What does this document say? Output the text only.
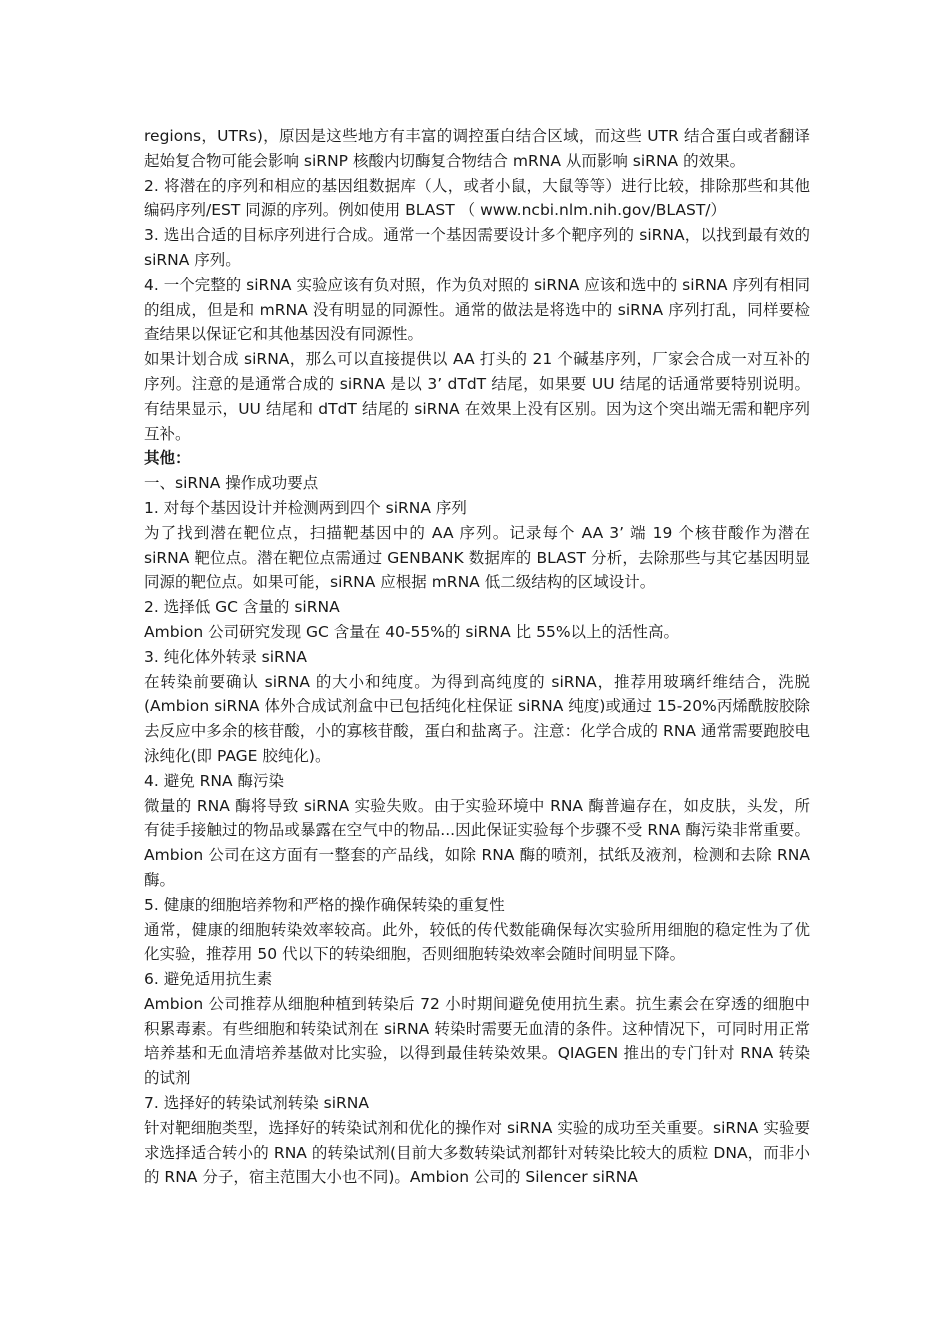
regions，UTRs)，原因是这些地方有丰富的调控蛋白结合区域，而这些 UTR 结合蛋白或者翻译起始复合物可能会影响 siRNP 核酸内切酶复合物结合 mRNA 从而影响 siRNA 的效果。

2. 将潜在的序列和相应的基因组数据库（人，或者小鼠，大鼠等等）进行比较，排除那些和其他编码序列/EST 同源的序列。例如使用 BLAST （ www.ncbi.nlm.nih.gov/BLAST/）

3. 选出合适的目标序列进行合成。通常一个基因需要设计多个靶序列的 siRNA，以找到最有效的 siRNA 序列。

4. 一个完整的 siRNA 实验应该有负对照，作为负对照的 siRNA 应该和选中的 siRNA 序列有相同的组成，但是和 mRNA 没有明显的同源性。通常的做法是将选中的 siRNA 序列打乱，同样要检查结果以保证它和其他基因没有同源性。

如果计划合成 siRNA，那么可以直接提供以 AA 打头的 21 个碱基序列，厂家会合成一对互补的序列。注意的是通常合成的 siRNA 是以 3’ dTdT 结尾，如果要 UU 结尾的话通常要特别说明。有结果显示，UU 结尾和 dTdT 结尾的 siRNA 在效果上没有区别。因为这个突出端无需和靶序列互补。

其他：

一、siRNA 操作成功要点

1. 对每个基因设计并检测两到四个 siRNA 序列

为了找到潜在靶位点，扫描靶基因中的 AA 序列。记录每个 AA 3’ 端 19 个核苷酸作为潜在 siRNA 靶位点。潜在靶位点需通过 GENBANK 数据库的 BLAST 分析，去除那些与其它基因明显同源的靶位点。如果可能，siRNA 应根据 mRNA 低二级结构的区域设计。

2. 选择低 GC 含量的 siRNA

Ambion 公司研究发现 GC 含量在 40-55%的 siRNA 比 55%以上的活性高。

3. 纯化体外转录 siRNA

在转染前要确认 siRNA 的大小和纯度。为得到高纯度的 siRNA，推荐用玻璃纤维结合，洗脱(Ambion siRNA 体外合成试剂盒中已包括纯化柱保证 siRNA 纯度)或通过 15-20%丙烯酰胺胶除去反应中多余的核苷酸，小的寡核苷酸，蛋白和盐离子。注意：化学合成的 RNA 通常需要跑胶电泳纯化(即 PAGE 胶纯化)。

4. 避免 RNA 酶污染

微量的 RNA 酶将导致 siRNA 实验失败。由于实验环境中 RNA 酶普遍存在，如皮肤，头发，所有徒手接触过的物品或暴露在空气中的物品...因此保证实验每个步骤不受 RNA 酶污染非常重要。Ambion 公司在这方面有一整套的产品线，如除 RNA 酶的喷剂，拭纸及液剂，检测和去除 RNA 酶。

5. 健康的细胞培养物和严格的操作确保转染的重复性

通常，健康的细胞转染效率较高。此外，较低的传代数能确保每次实验所用细胞的稳定性为了优化实验，推荐用 50 代以下的转染细胞，否则细胞转染效率会随时间明显下降。

6. 避免适用抗生素

Ambion 公司推荐从细胞种植到转染后 72 小时期间避免使用抗生素。抗生素会在穿透的细胞中积累毒素。有些细胞和转染试剂在 siRNA 转染时需要无血清的条件。这种情况下，可同时用正常培养基和无血清培养基做对比实验，以得到最佳转染效果。QIAGEN 推出的专门针对 RNA 转染的试剂

7. 选择好的转染试剂转染 siRNA

针对靶细胞类型，选择好的转染试剂和优化的操作对 siRNA 实验的成功至关重要。siRNA 实验要求选择适合转小的 RNA 的转染试剂(目前大多数转染试剂都针对转染比较大的质粒 DNA，而非小的 RNA 分子，宿主范围大小也不同)。Ambion 公司的 Silencer siRNA
